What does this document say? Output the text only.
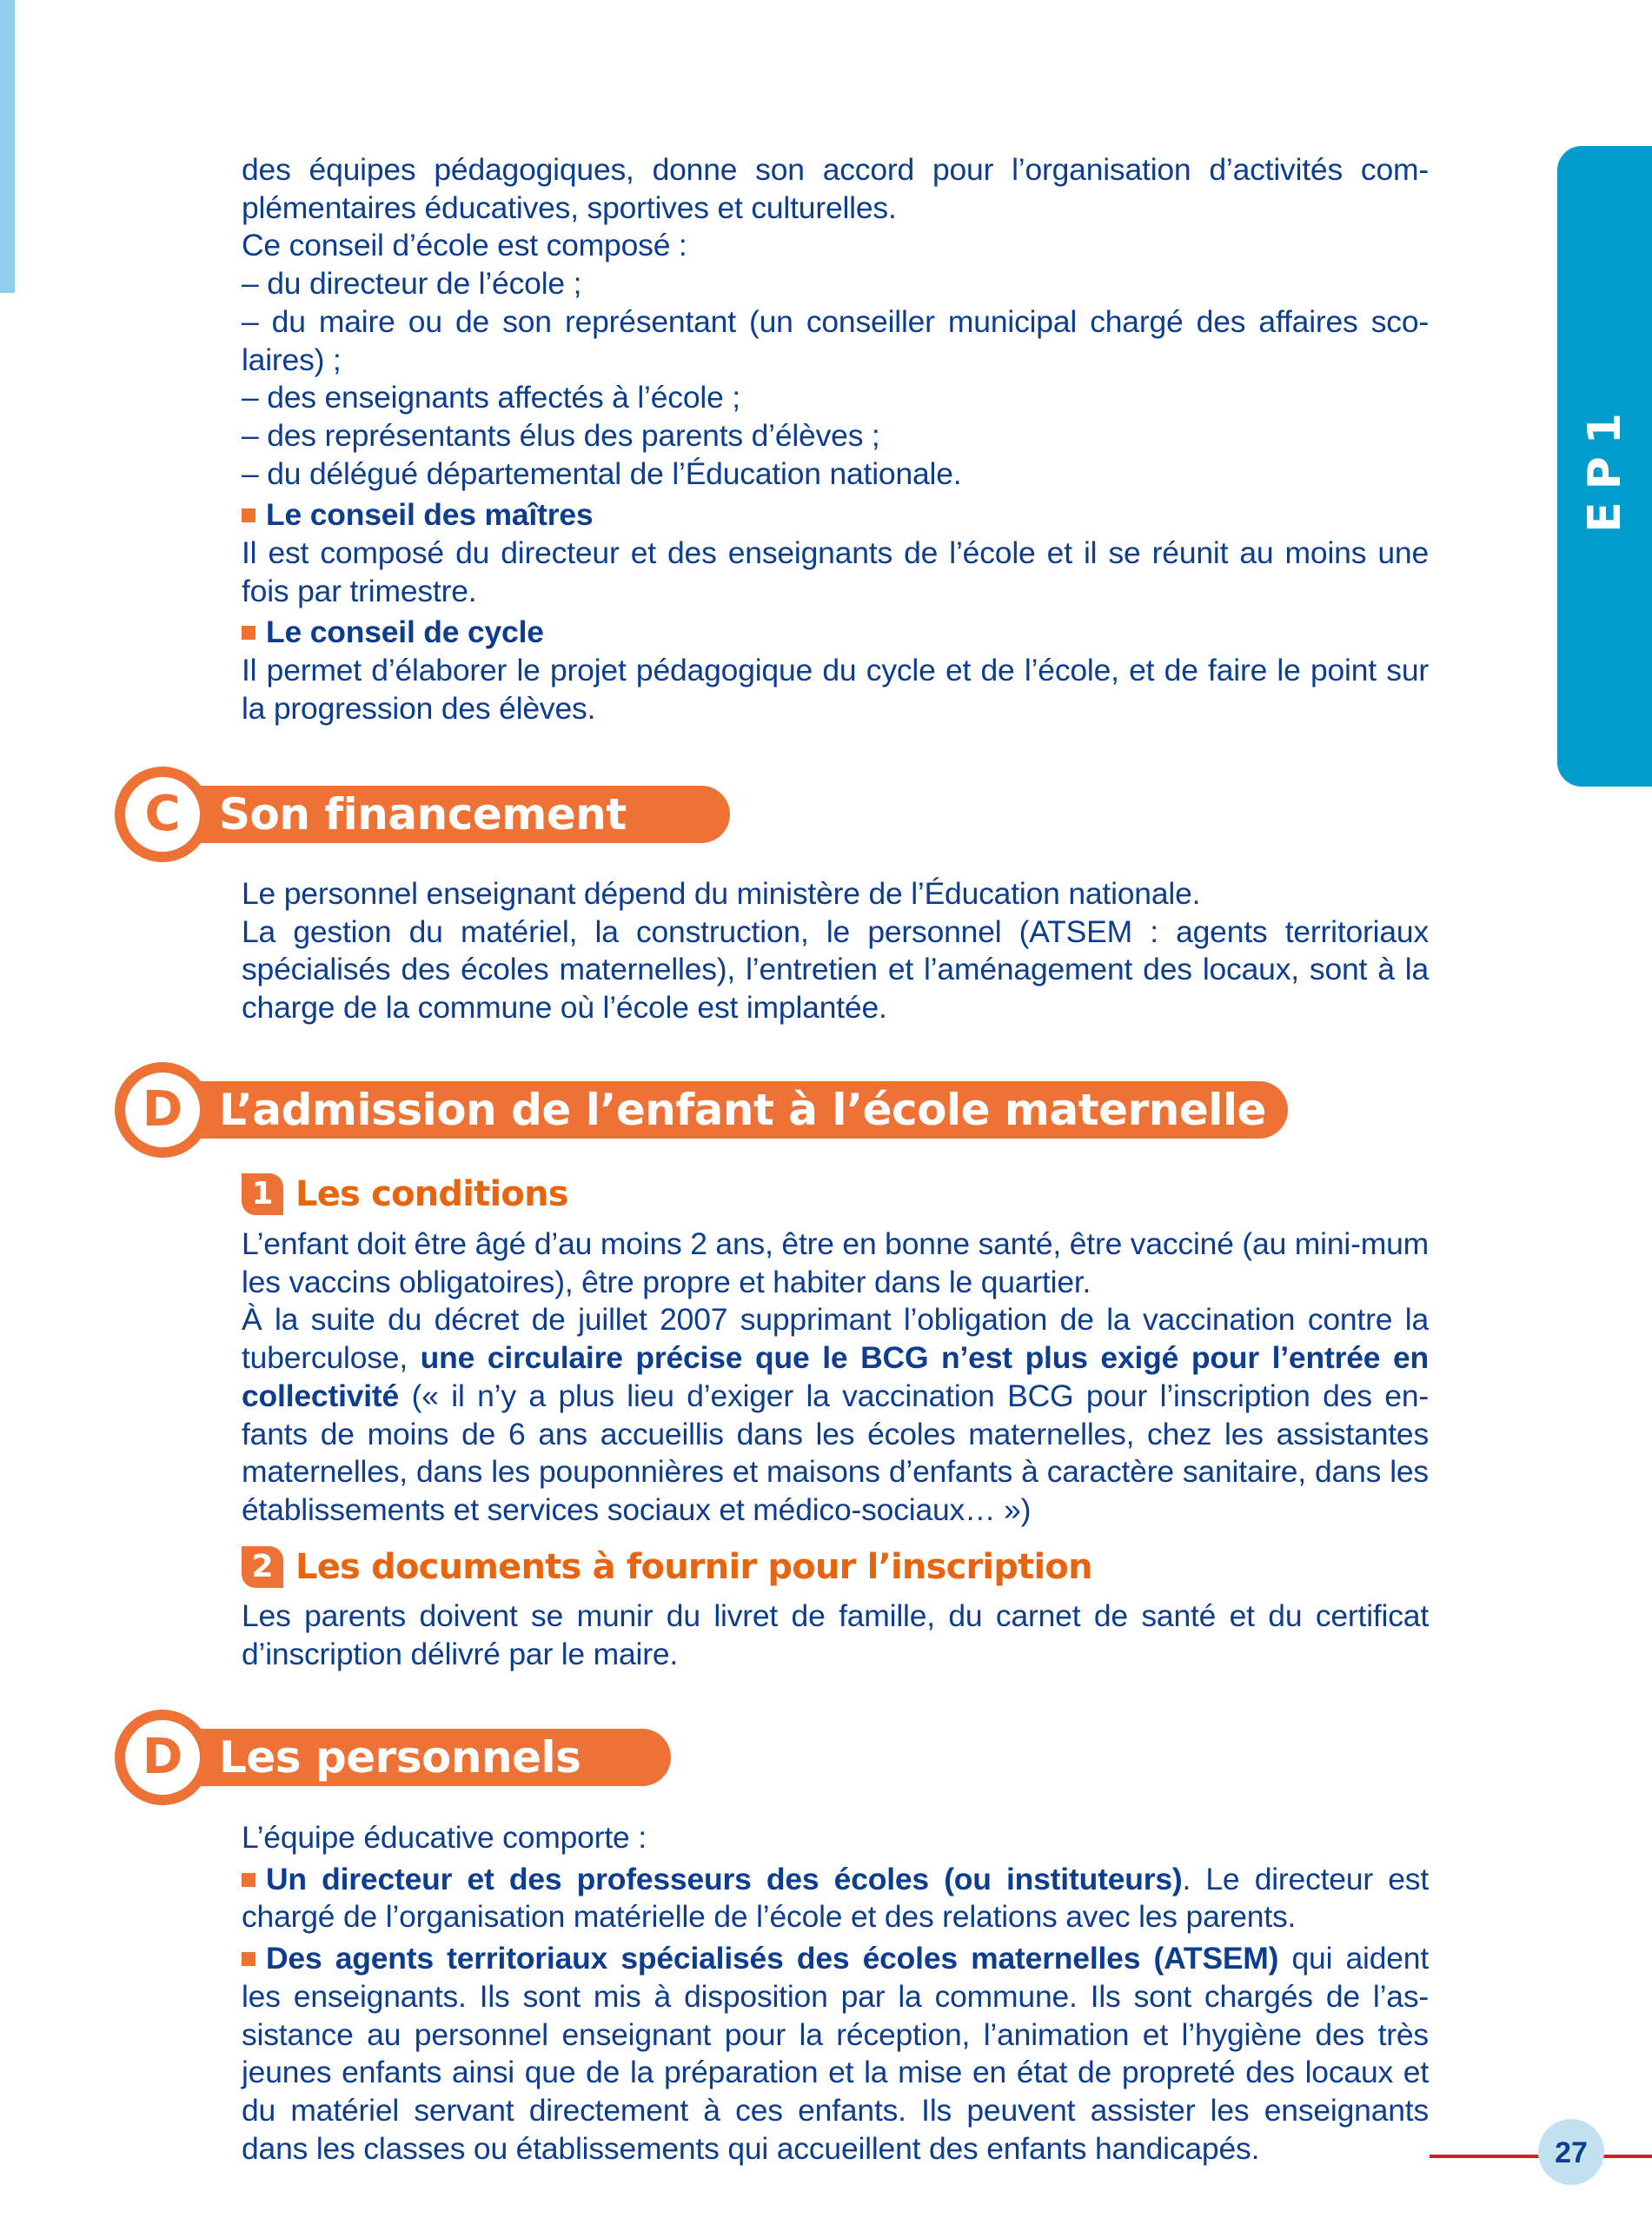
EP1

des équipes pédagogiques, donne son accord pour l’organisation d’activités com-plémentaires éducatives, sportives et culturelles.

Ce conseil d’école est composé :

– du directeur de l’école ;

– du maire ou de son représentant (un conseiller municipal chargé des affaires sco-laires) ;

– des enseignants affectés à l’école ;

– des représentants élus des parents d’élèves ;

– du délégué départemental de l’Éducation nationale.

Le conseil des maîtres

Il est composé du directeur et des enseignants de l’école et il se réunit au moins une fois par trimestre.

Le conseil de cycle

Il permet d’élaborer le projet pédagogique du cycle et de l’école, et de faire le point sur la progression des élèves.

Son financement
C

Le personnel enseignant dépend du ministère de l’Éducation nationale.

La gestion du matériel, la construction, le personnel (ATSEM : agents territoriaux spécialisés des écoles maternelles), l’entretien et l’aménagement des locaux, sont à la charge de la commune où l’école est implantée.

L’admission de l’enfant à l’école maternelle
D
1 Les conditions

L’enfant doit être âgé d’au moins 2 ans, être en bonne santé, être vacciné (au mini-mum les vaccins obligatoires), être propre et habiter dans le quartier.

À la suite du décret de juillet 2007 supprimant l’obligation de la vaccination contre la tuberculose, une circulaire précise que le BCG n’est plus exigé pour l’entrée en collectivité (« il n’y a plus lieu d’exiger la vaccination BCG pour l’inscription des en-fants de moins de 6 ans accueillis dans les écoles maternelles, chez les assistantes maternelles, dans les pouponnières et maisons d’enfants à caractère sanitaire, dans les établissements et services sociaux et médico-sociaux… »)

2 Les documents à fournir pour l’inscription

Les parents doivent se munir du livret de famille, du carnet de santé et du certificat d’inscription délivré par le maire.

Les personnels
D

L’équipe éducative comporte :

Un directeur et des professeurs des écoles (ou instituteurs). Le directeur est chargé de l’organisation matérielle de l’école et des relations avec les parents.

Des agents territoriaux spécialisés des écoles maternelles (ATSEM) qui aident les enseignants. Ils sont mis à disposition par la commune. Ils sont chargés de l’as-sistance au personnel enseignant pour la réception, l’animation et l’hygiène des très jeunes enfants ainsi que de la préparation et la mise en état de propreté des locaux et du matériel servant directement à ces enfants. Ils peuvent assister les enseignants dans les classes ou établissements qui accueillent des enfants handicapés.	27
